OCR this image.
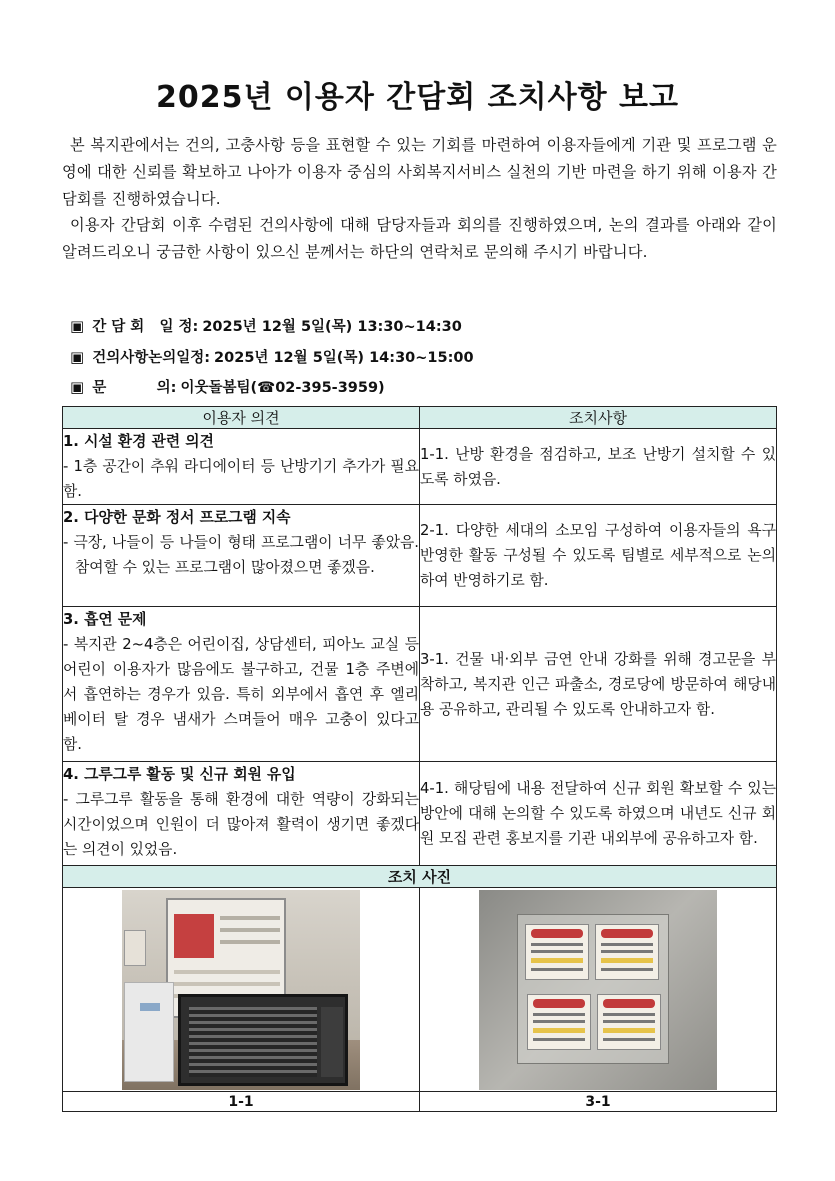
2025년 이용자 간담회 조치사항 보고

본 복지관에서는 건의, 고충사항 등을 표현할 수 있는 기회를 마련하여 이용자들에게 기관 및 프로그램 운영에 대한 신뢰를 확보하고 나아가 이용자 중심의 사회복지서비스 실천의 기반 마련을 하기 위해 이용자 간담회를 진행하였습니다.

이용자 간담회 이후 수렴된 건의사항에 대해 담당자들과 회의를 진행하였으며, 논의 결과를 아래와 같이 알려드리오니 궁금한 사항이 있으신 분께서는 하단의 연락처로 문의해 주시기 바랍니다.

▣ 간 담 회   일 정: 2025년 12월 5일(목) 13:30~14:30
▣ 건의사항논의일정: 2025년 12월 5일(목) 14:30~15:00
▣ 문          의: 이웃돌봄팀(☎02-395-3959)
이용자 의견	조치사항

1. 시설 환경 관련 의견
- 1층 공간이 추워 라디에이터 등 난방기기 추가가 필요함.	1-1. 난방 환경을 점검하고, 보조 난방기 설치할 수 있도록 하였음.

2. 다양한 문화 정서 프로그램 지속
- 극장, 나들이 등 나들이 형태 프로그램이 너무 좋았음. 참여할 수 있는 프로그램이 많아졌으면 좋겠음.	2-1. 다양한 세대의 소모임 구성하여 이용자들의 욕구 반영한 활동 구성될 수 있도록 팀별로 세부적으로 논의하여 반영하기로 함.

3. 흡연 문제
- 복지관 2~4층은 어린이집, 상담센터, 피아노 교실 등 어린이 이용자가 많음에도 불구하고, 건물 1층 주변에서 흡연하는 경우가 있음. 특히 외부에서 흡연 후 엘리베이터 탈 경우 냄새가 스며들어 매우 고충이 있다고 함.	3-1. 건물 내·외부 금연 안내 강화를 위해 경고문을 부착하고, 복지관 인근 파출소, 경로당에 방문하여 해당내용 공유하고, 관리될 수 있도록 안내하고자 함.

4. 그루그루 활동 및 신규 회원 유입
- 그루그루 활동을 통해 환경에 대한 역량이 강화되는 시간이었으며 인원이 더 많아져 활력이 생기면 좋겠다는 의견이 있었음.	4-1. 해당팀에 내용 전달하여 신규 회원 확보할 수 있는 방안에 대해 논의할 수 있도록 하였으며 내년도 신규 회원 모집 관련 홍보지를 기관 내외부에 공유하고자 함.
조치 사진	

1-1	3-1
